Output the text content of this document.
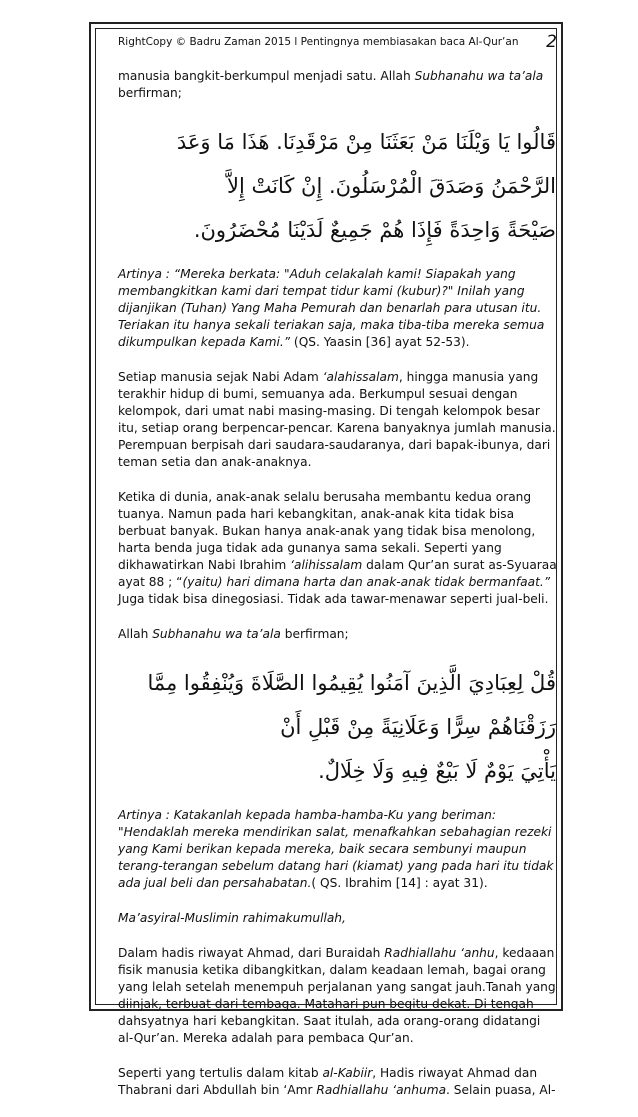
RightCopy © Badru Zaman 2015 l Pentingnya membiasakan baca Al-Qur’an 2

manusia bangkit-berkumpul menjadi satu. Allah Subhanahu wa ta’ala berfirman;

قَالُوا يَا وَيْلَنَا مَنْ بَعَثَنَا مِنْ مَرْقَدِنَا. هَذَا مَا وَعَدَ الرَّحْمَنُ وَصَدَقَ الْمُرْسَلُونَ. إِنْ كَانَتْ إِلاَّ
صَيْحَةً وَاحِدَةً فَإِذَا هُمْ جَمِيعٌ لَدَيْنَا مُحْضَرُونَ.

Artinya : “Mereka berkata: "Aduh celakalah kami! Siapakah yang membangkitkan kami dari tempat tidur kami (kubur)?" Inilah yang dijanjikan (Tuhan) Yang Maha Pemurah dan benarlah para utusan itu. Teriakan itu hanya sekali teriakan saja, maka tiba-tiba mereka semua dikumpulkan kepada Kami.” (QS. Yaasin [36] ayat 52-53).

Setiap manusia sejak Nabi Adam ‘alahissalam, hingga manusia yang terakhir hidup di bumi, semuanya ada. Berkumpul sesuai dengan kelompok, dari umat nabi masing-masing. Di tengah kelompok besar itu, setiap orang berpencar-pencar. Karena banyaknya jumlah manusia. Perempuan berpisah dari saudara-saudaranya, dari bapak-ibunya, dari teman setia dan anak-anaknya.

Ketika di dunia, anak-anak selalu berusaha membantu kedua orang tuanya. Namun pada hari kebangkitan, anak-anak kita tidak bisa berbuat banyak. Bukan hanya anak-anak yang tidak bisa menolong, harta benda juga tidak ada gunanya sama sekali. Seperti yang dikhawatirkan Nabi Ibrahim ‘alihissalam dalam Qur’an surat as-Syuaraa ayat 88 ; “(yaitu) hari dimana harta dan anak-anak tidak bermanfaat.” Juga tidak bisa dinegosiasi. Tidak ada tawar-menawar seperti jual-beli.

Allah Subhanahu wa ta’ala berfirman;

قُلْ لِعِبَادِيَ الَّذِينَ آمَنُوا يُقِيمُوا الصَّلَاةَ وَيُنْفِقُوا مِمَّا رَزَقْنَاهُمْ سِرًّا وَعَلَانِيَةً مِنْ قَبْلِ أَنْ
يَأْتِيَ يَوْمٌ لَا بَيْعٌ فِيهِ وَلَا خِلَالٌ.

Artinya : Katakanlah kepada hamba-hamba-Ku yang beriman: "Hendaklah mereka mendirikan salat, menafkahkan sebahagian rezeki yang Kami berikan kepada mereka, baik secara sembunyi maupun terang-terangan sebelum datang hari (kiamat) yang pada hari itu tidak ada jual beli dan persahabatan.( QS. Ibrahim [14] : ayat 31).

Ma’asyiral-Muslimin rahimakumullah,

Dalam hadis riwayat Ahmad, dari Buraidah Radhiallahu ‘anhu, kedaaan fisik manusia ketika dibangkitkan, dalam keadaan lemah, bagai orang yang lelah setelah menempuh perjalanan yang sangat jauh.Tanah yang diinjak, terbuat dari tembaga. Matahari pun begitu dekat. Di tengah dahsyatnya hari kebangkitan. Saat itulah, ada orang-orang didatangi al-Qur’an. Mereka adalah para pembaca Qur’an.

Seperti yang tertulis dalam kitab al-Kabiir, Hadis riwayat Ahmad dan Thabrani dari Abdullah bin ‘Amr Radhiallahu ‘anhuma. Selain puasa, Al-
